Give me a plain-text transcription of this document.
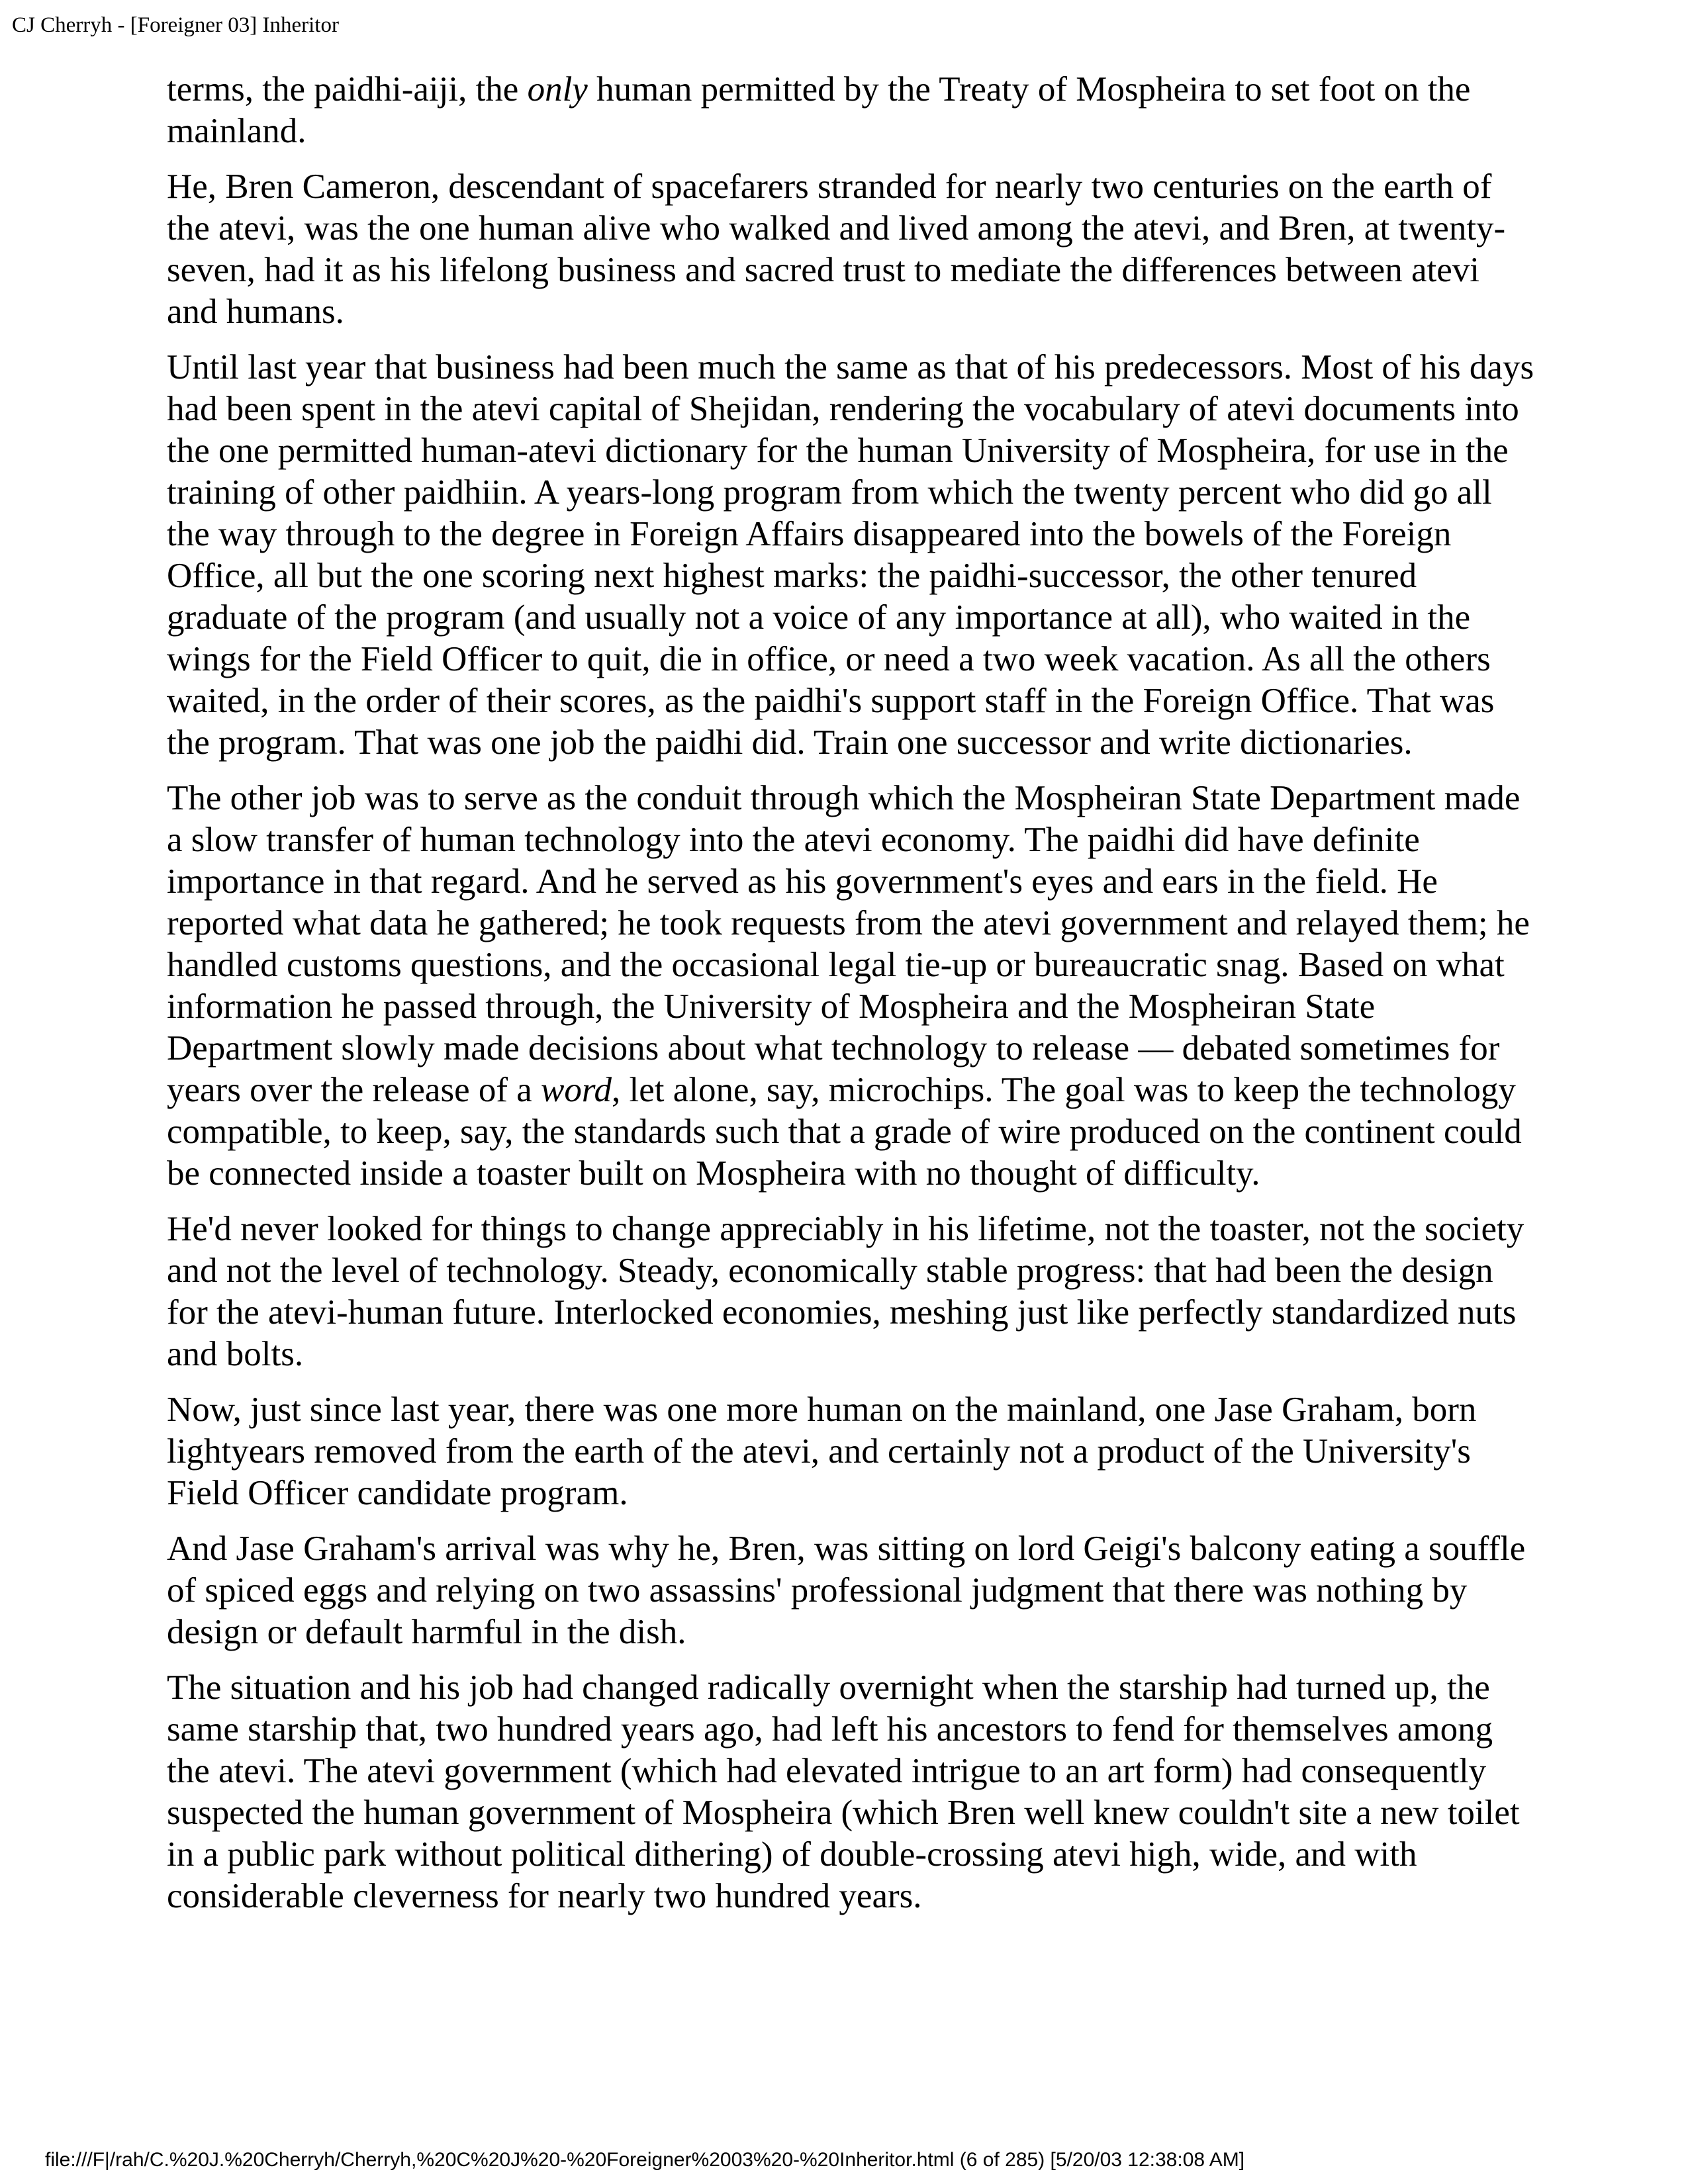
CJ Cherryh - [Foreigner 03] Inheritor

terms, the paidhi-aiji, the only human permitted by the Treaty of Mospheira to set foot on the mainland.

He, Bren Cameron, descendant of spacefarers stranded for nearly two centuries on the earth of the atevi, was the one human alive who walked and lived among the atevi, and Bren, at twenty-seven, had it as his lifelong business and sacred trust to mediate the differences between atevi and humans.

Until last year that business had been much the same as that of his predecessors. Most of his days had been spent in the atevi capital of Shejidan, rendering the vocabulary of atevi documents into the one permitted human-atevi dictionary for the human University of Mospheira, for use in the training of other paidhiin. A years-long program from which the twenty percent who did go all the way through to the degree in Foreign Affairs disappeared into the bowels of the Foreign Office, all but the one scoring next highest marks: the paidhi-successor, the other tenured graduate of the program (and usually not a voice of any importance at all), who waited in the wings for the Field Officer to quit, die in office, or need a two week vacation. As all the others waited, in the order of their scores, as the paidhi's support staff in the Foreign Office. That was the program. That was one job the paidhi did. Train one successor and write dictionaries.

The other job was to serve as the conduit through which the Mospheiran State Department made a slow transfer of human technology into the atevi economy. The paidhi did have definite importance in that regard. And he served as his government's eyes and ears in the field. He reported what data he gathered; he took requests from the atevi government and relayed them; he handled customs questions, and the occasional legal tie-up or bureaucratic snag. Based on what information he passed through, the University of Mospheira and the Mospheiran State Department slowly made decisions about what technology to release — debated sometimes for years over the release of a word, let alone, say, microchips. The goal was to keep the technology compatible, to keep, say, the standards such that a grade of wire produced on the continent could be connected inside a toaster built on Mospheira with no thought of difficulty.

He'd never looked for things to change appreciably in his lifetime, not the toaster, not the society and not the level of technology. Steady, economically stable progress: that had been the design for the atevi-human future. Interlocked economies, meshing just like perfectly standardized nuts and bolts.

Now, just since last year, there was one more human on the mainland, one Jase Graham, born lightyears removed from the earth of the atevi, and certainly not a product of the University's Field Officer candidate program.

And Jase Graham's arrival was why he, Bren, was sitting on lord Geigi's balcony eating a souffle of spiced eggs and relying on two assassins' professional judgment that there was nothing by design or default harmful in the dish.

The situation and his job had changed radically overnight when the starship had turned up, the same starship that, two hundred years ago, had left his ancestors to fend for themselves among the atevi. The atevi government (which had elevated intrigue to an art form) had consequently suspected the human government of Mospheira (which Bren well knew couldn't site a new toilet in a public park without political dithering) of double-crossing atevi high, wide, and with considerable cleverness for nearly two hundred years.

file:///F|/rah/C.%20J.%20Cherryh/Cherryh,%20C%20J%20-%20Foreigner%2003%20-%20Inheritor.html (6 of 285) [5/20/03 12:38:08 AM]
